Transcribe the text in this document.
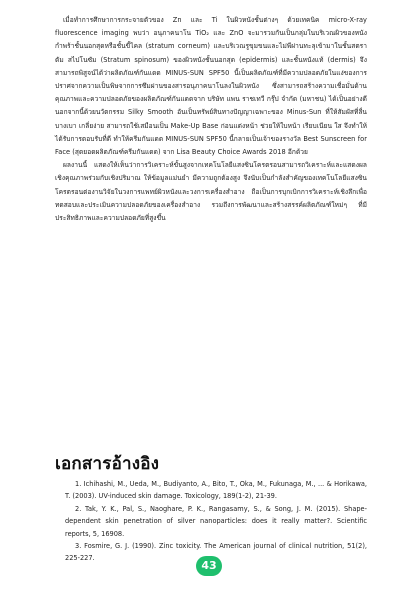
เมื่อทำการศึกษาการกระจายตัวของ Zn และ Ti ในผิวหนังชั้นต่างๆ ด้วยเทคนิค micro-X-ray fluorescence imaging พบว่า อนุภาคนาโน TiO₂ และ ZnO จะมารวมกันเป็นกลุ่มในบริเวณผิวของหนังกำพร้าชั้นนอกสุดหรือชั้นขี้ไคล (stratum corneum) และบริเวณรูขุมขนและไม่พีผ่านทะลุเข้ามาในชั้นสตราตัม สไปโนซัม (Stratum spinosum) ของผิวหนังชั้นนอกสุด (epidermis) และชั้นหนังแท้ (dermis) จึงสามารถพิสูจน์ได้ว่าผลิตภัณฑ์กันแดด MINUS-SUN SPF50 นี้เป็นผลิตภัณฑ์ที่มีความปลอดภัยในแง่ของการปราศจากความเป็นพิษจากการซึมผ่านของสารอนุภาคนาโนลงในผิวหนัง ซึ่งสามารถสร้างความเชื่อมั่นด้านคุณภาพและความปลอดภัยของผลิตภัณฑ์กันแดดจาก บริษัท แพน ราชเทวี กรุ๊ป จำกัด (มหาชน) ได้เป็นอย่างดี นอกจากนี้ด้วยนวัตกรรม Silky Smooth อันเป็นทรัพย์สินทางปัญญาเฉพาะของ Minus-Sun ที่ให้สัมผัสที่ลื่น บางเบา เกลี่ยง่าย สามารถใช้เสมือนเป็น Make-Up Base ก่อนแต่งหน้า ช่วยให้ใบหน้า เรียบเนียน ใส จึงทำให้ได้รับการตอบรับที่ดี ทำให้ครีมกันแดด MINUS-SUN SPF50 นี้กลายเป็นเจ้าของรางวัล Best Sunscreen for Face (สุดยอดผลิตภัณฑ์ครีมกันแดด) จาก Lisa Beauty Choice Awards 2018 อีกด้วย

ผลงานนี้ แสดงให้เห็นว่าการวิเคราะห์ขั้นสูงจากเทคโนโลยีแสงซินโครตรอนสามารถวิเคราะห์และแสดงผลเชิงคุณภาพร่วมกับเชิงปริมาณ ให้ข้อมูลแม่นยำ มีความถูกต้องสูง จึงนับเป็นกำลังสำคัญของเทคโนโลยีแสงซินโครตรอนต่องานวิจัยในวงการแพทย์ผิวหนังและวงการเครื่องสำอาง ถือเป็นการบุกเบิกการวิเคราะห์เชิงลึกเพื่อทดสอบและประเมินความปลอดภัยของเครื่องสำอาง รวมถึงการพัฒนาและสร้างสรรค์ผลิตภัณฑ์ใหม่ๆ ที่มีประสิทธิภาพและความปลอดภัยที่สูงขึ้น

เอกสารอ้างอิง

1. Ichihashi, M., Ueda, M., Budiyanto, A., Bito, T., Oka, M., Fukunaga, M., ... & Horikawa, T. (2003). UV-induced skin damage. Toxicology, 189(1-2), 21-39.

2. Tak, Y. K., Pal, S., Naoghare, P. K., Rangasamy, S., & Song, J. M. (2015). Shape-dependent skin penetration of silver nanoparticles: does it really matter?. Scientific reports, 5, 16908.

3. Fosmire, G. J. (1990). Zinc toxicity. The American journal of clinical nutrition, 51(2), 225-227.

43
